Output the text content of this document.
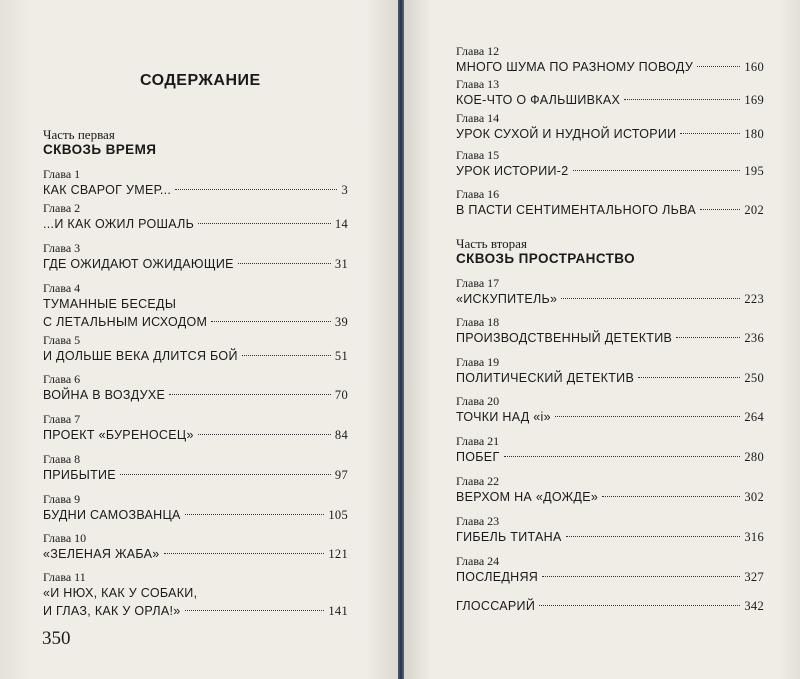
СОДЕРЖАНИЕ
Часть первая
СКВОЗЬ ВРЕМЯ
Глава 1
КАК СВАРОГ УМЕР...	3
Глава 2
...И КАК ОЖИЛ РОШАЛЬ	14
Глава 3
ГДЕ ОЖИДАЮТ ОЖИДАЮЩИЕ	31
Глава 4
ТУМАННЫЕ БЕСЕДЫ
С ЛЕТАЛЬНЫМ ИСХОДОМ	39
Глава 5
И ДОЛЬШЕ ВЕКА ДЛИТСЯ БОЙ	51
Глава 6
ВОЙНА В ВОЗДУХЕ	70
Глава 7
ПРОЕКТ «БУРЕНОСЕЦ»	84
Глава 8
ПРИБЫТИЕ	97
Глава 9
БУДНИ САМОЗВАНЦА	105
Глава 10
«ЗЕЛЕНАЯ ЖАБА»	121
Глава 11
«И НЮХ, КАК У СОБАКИ,
И ГЛАЗ, КАК У ОРЛА!»	141
350
Глава 12
МНОГО ШУМА ПО РАЗНОМУ ПОВОДУ	160
Глава 13
КОЕ-ЧТО О ФАЛЬШИВКАХ	169
Глава 14
УРОК СУХОЙ И НУДНОЙ ИСТОРИИ	180
Глава 15
УРОК ИСТОРИИ-2	195
Глава 16
В ПАСТИ СЕНТИМЕНТАЛЬНОГО ЛЬВА	202
Часть вторая
СКВОЗЬ ПРОСТРАНСТВО
Глава 17
«ИСКУПИТЕЛЬ»	223
Глава 18
ПРОИЗВОДСТВЕННЫЙ ДЕТЕКТИВ	236
Глава 19
ПОЛИТИЧЕСКИЙ ДЕТЕКТИВ	250
Глава 20
ТОЧКИ НАД «i»	264
Глава 21
ПОБЕГ	280
Глава 22
ВЕРХОМ НА «ДОЖДЕ»	302
Глава 23
ГИБЕЛЬ ТИТАНА	316
Глава 24
ПОСЛЕДНЯЯ	327
ГЛОССАРИЙ	342
